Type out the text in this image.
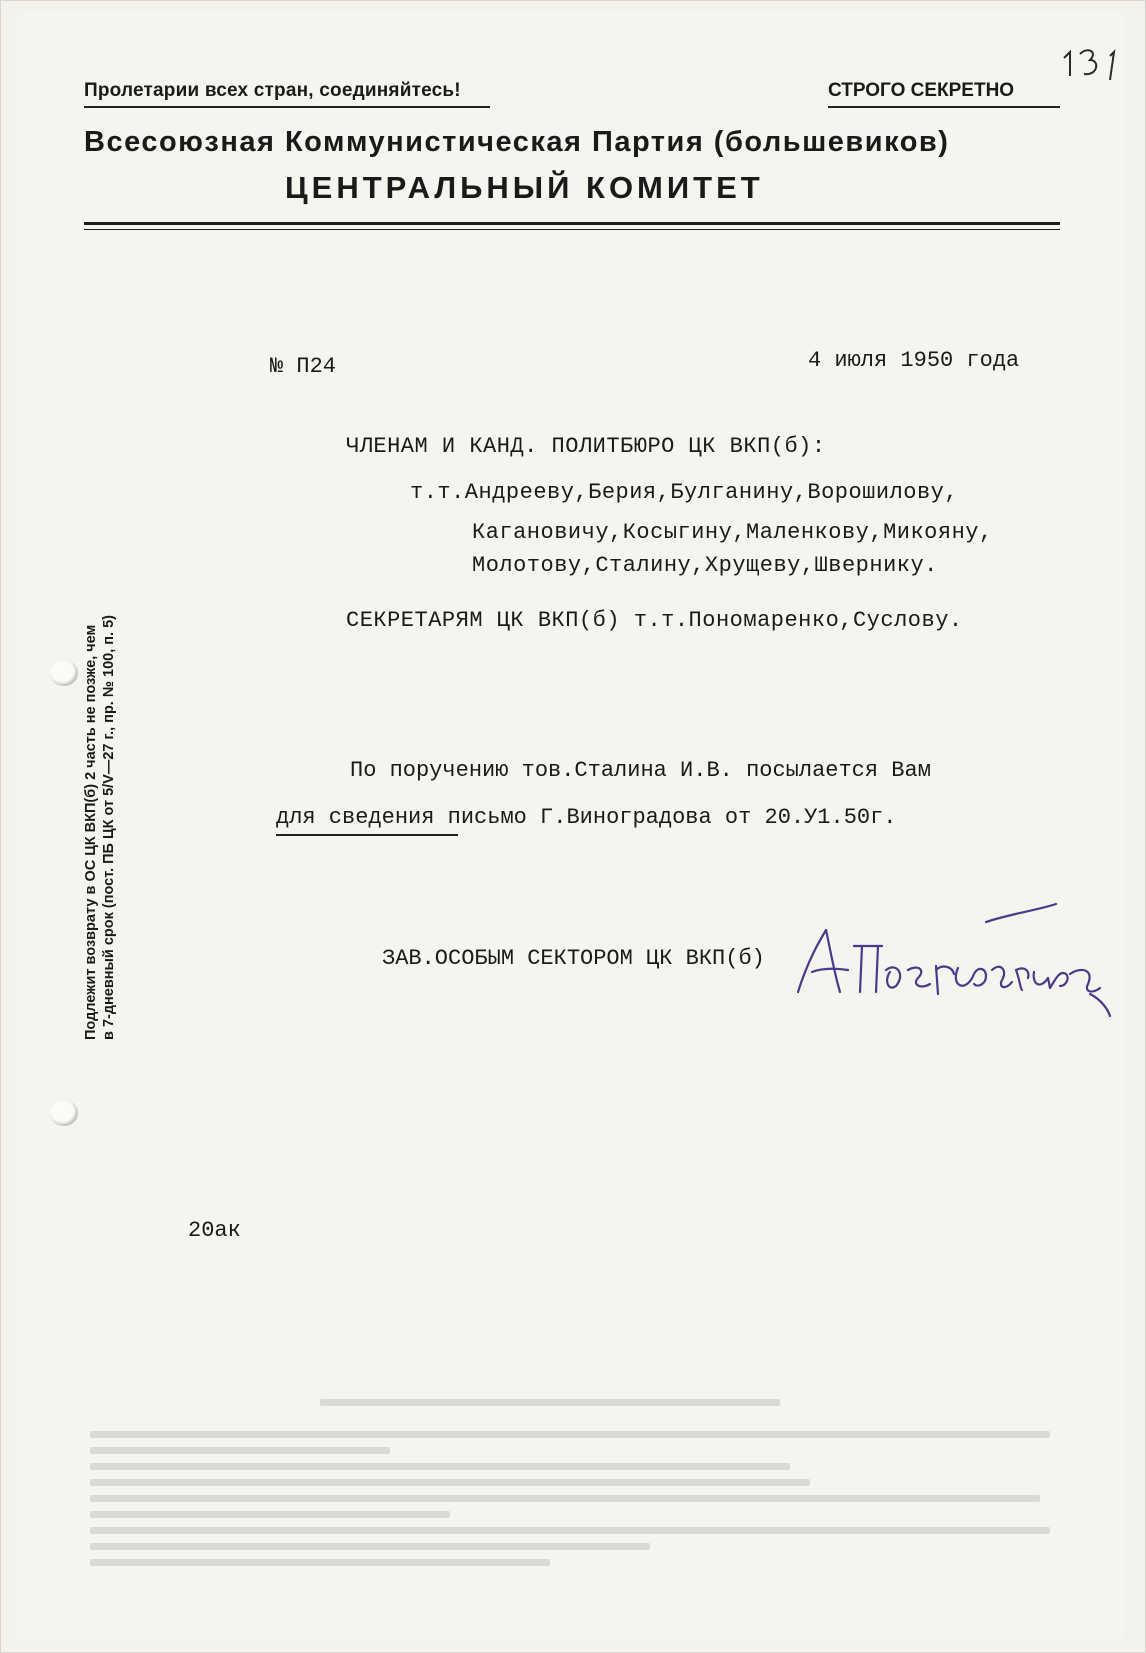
Пролетарии всех стран, соединяйтесь!	СТРОГО СЕКРЕТНО
Всесоюзная Коммунистическая Партия (большевиков)
ЦЕНТРАЛЬНЫЙ КОМИТЕТ
№ П24	4 июля 1950 года
ЧЛЕНАМ И КАНД. ПОЛИТБЮРО ЦК ВКП(б):
т.т.Андрееву,Берия,Булганину,Ворошилову,
Кагановичу,Косыгину,Маленкову,Микояну,
Молотову,Сталину,Хрущеву,Швернику.
СЕКРЕТАРЯМ ЦК ВКП(б) т.т.Пономаренко,Суслову.
По поручению тов.Сталина И.В. посылается Вам
для сведения письмо Г.Виноградова от 20.У1.50г.
ЗАВ.ОСОБЫМ СЕКТОРОМ ЦК ВКП(б)
20ак
Подлежит возврату в ОС ЦК ВКП(б) 2 часть не позже, чем в 7-дневный срок (пост. ПБ ЦК от 5/V—27 г., пр. № 100, п. 5)
